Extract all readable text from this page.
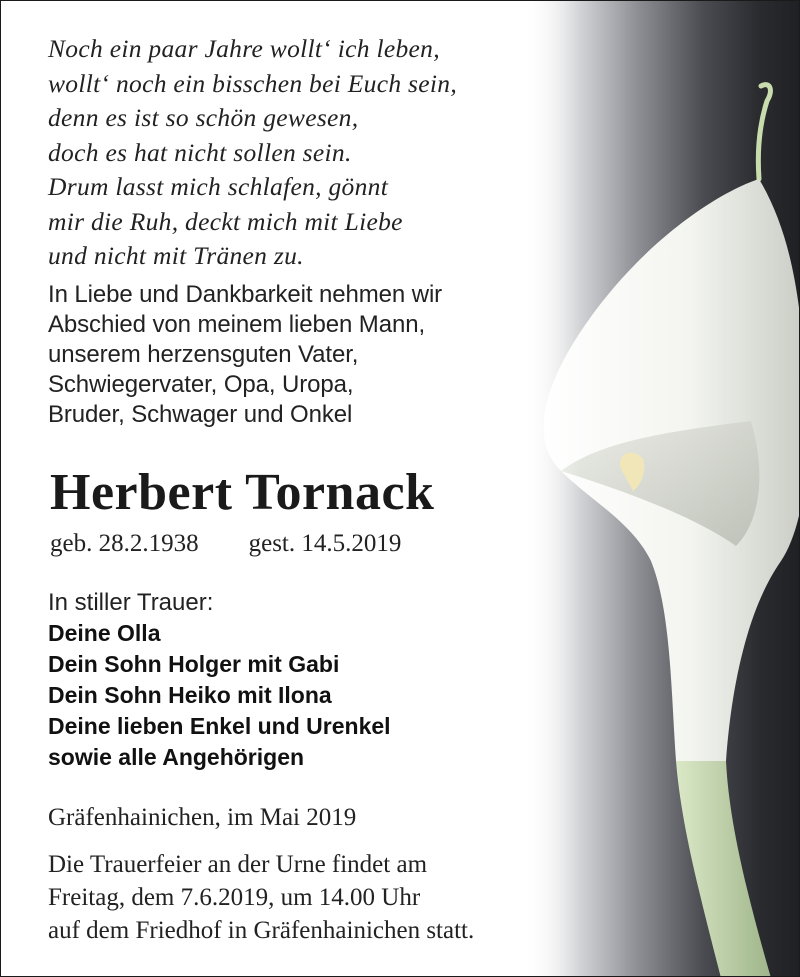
Noch ein paar Jahre wollt‘ ich leben,
wollt‘ noch ein bisschen bei Euch sein,
denn es ist so schön gewesen,
doch es hat nicht sollen sein.
Drum lasst mich schlafen, gönnt
mir die Ruh, deckt mich mit Liebe
und nicht mit Tränen zu.
In Liebe und Dankbarkeit nehmen wir
Abschied von meinem lieben Mann,
unserem herzensguten Vater,
Schwiegervater, Opa, Uropa,
Bruder, Schwager und Onkel
Herbert Tornack
geb. 28.2.1938 gest. 14.5.2019
In stiller Trauer:
Deine Olla
Dein Sohn Holger mit Gabi
Dein Sohn Heiko mit Ilona
Deine lieben Enkel und Urenkel
sowie alle Angehörigen
Gräfenhainichen, im Mai 2019
Die Trauerfeier an der Urne findet am
Freitag, dem 7.6.2019, um 14.00 Uhr
auf dem Friedhof in Gräfenhainichen statt.
